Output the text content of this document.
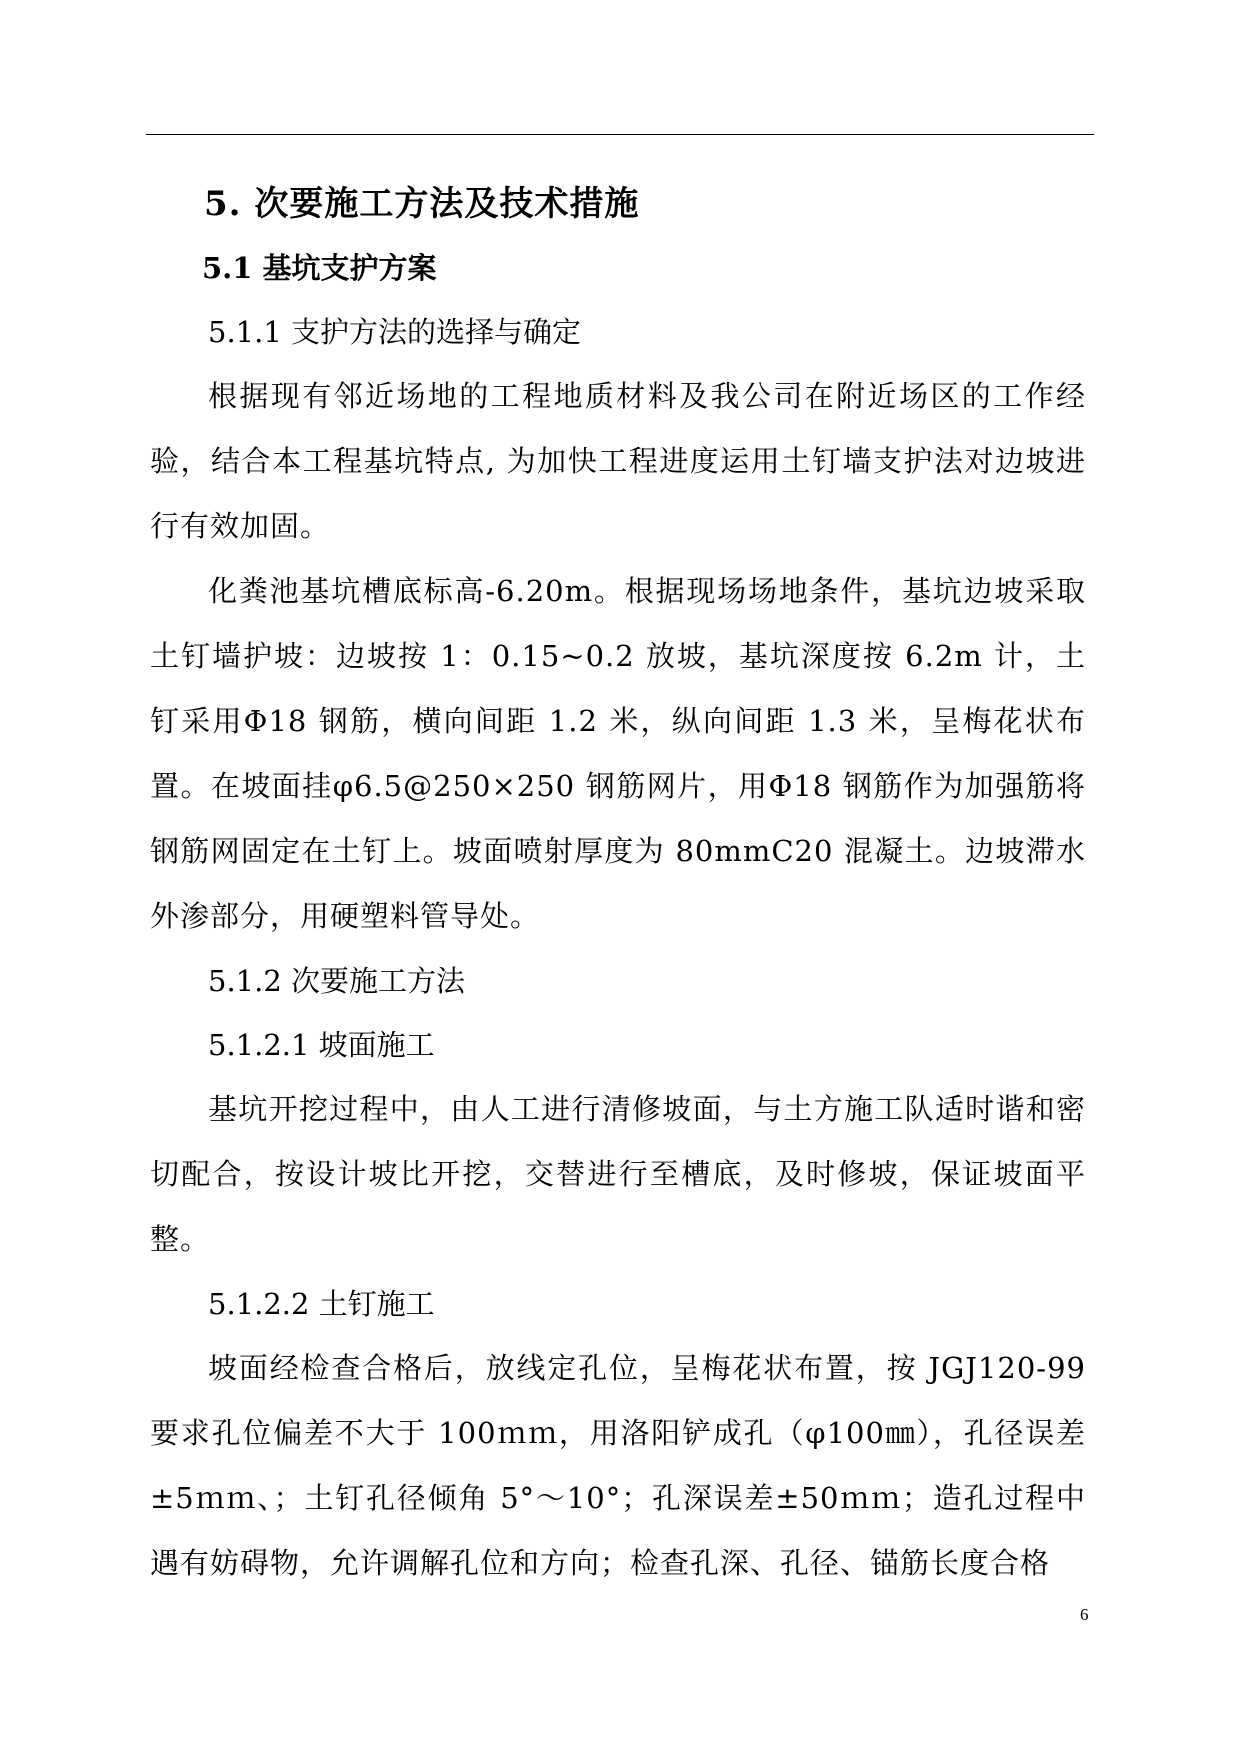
5. 次要施工方法及技术措施
5.1 基坑支护方案
5.1.1 支护方法的选择与确定

根据现有邻近场地的工程地质材料及我公司在附近场区的工作经验，结合本工程基坑特点, 为加快工程进度运用土钉墙支护法对边坡进行有效加固。

化粪池基坑槽底标高-6.20m。根据现场场地条件，基坑边坡采取土钉墙护坡：边坡按 1：0.15~0.2 放坡，基坑深度按 6.2m 计，土钉采用Φ18 钢筋，横向间距 1.2 米，纵向间距 1.3 米，呈梅花状布置。在坡面挂φ6.5@250×250 钢筋网片，用Φ18 钢筋作为加强筋将钢筋网固定在土钉上。坡面喷射厚度为 80mmC20 混凝土。边坡滞水外渗部分，用硬塑料管导处。

5.1.2 次要施工方法
5.1.2.1 坡面施工

基坑开挖过程中，由人工进行清修坡面，与土方施工队适时谐和密切配合，按设计坡比开挖，交替进行至槽底，及时修坡，保证坡面平整。

5.1.2.2 土钉施工

坡面经检查合格后，放线定孔位，呈梅花状布置，按 JGJ120-99 要求孔位偏差不大于 100ｍｍ，用洛阳铲成孔（φ100㎜），孔径误差±5ｍｍ、；土钉孔径倾角 5°～10°；孔深误差±50ｍｍ；造孔过程中遇有妨碍物，允许调解孔位和方向；检查孔深、孔径、锚筋长度合格

6
